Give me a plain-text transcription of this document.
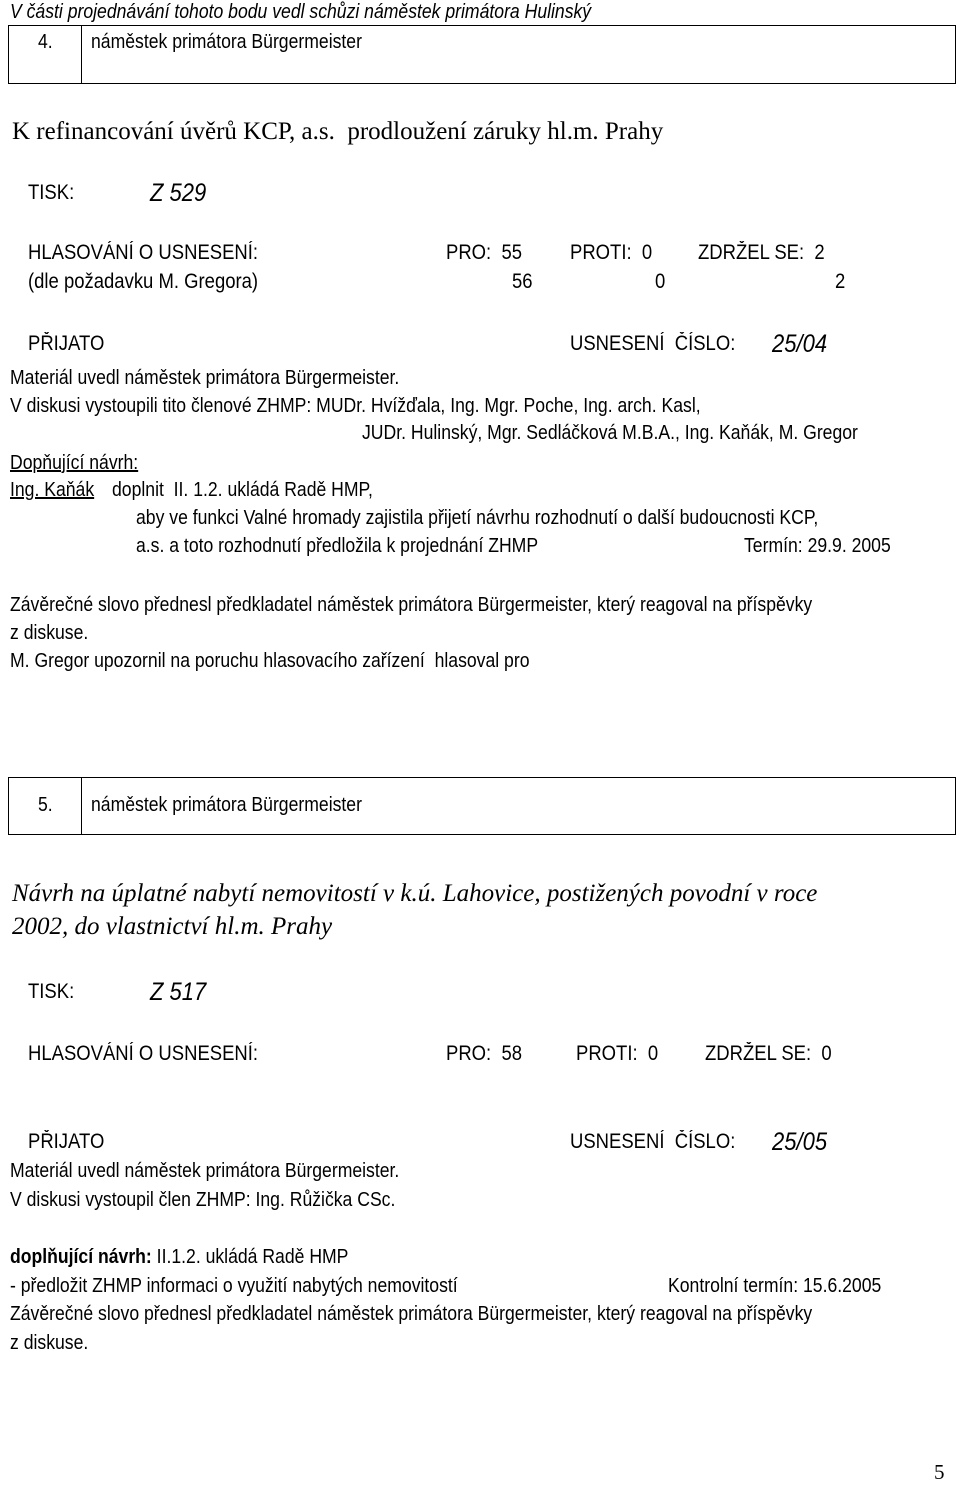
V části projednávání tohoto bodu vedl schůzi náměstek primátora Hulinský
4. náměstek primátora Bürgermeister
K refinancování úvěrů KCP, a.s.  prodloužení záruky hl.m. Prahy
TISK:	Z 529
HLASOVÁNÍ O USNESENÍ:	PRO:  55 PROTI:  0 ZDRŽEL SE:  2
(dle požadavku M. Gregora)	56	0	2
PŘIJATO	USNESENÍ  ČÍSLO: 25/04
Materiál uvedl náměstek primátora Bürgermeister.
V diskusi vystoupili tito členové ZHMP: MUDr. Hvížďala, Ing. Mgr. Poche, Ing. arch. Kasl,
JUDr. Hulinský, Mgr. Sedláčková M.B.A., Ing. Kaňák, M. Gregor
Dopňující návrh:
Ing. Kaňák doplnit  II. 1.2. ukládá Radě HMP,
aby ve funkci Valné hromady zajistila přijetí návrhu rozhodnutí o další budoucnosti KCP,
a.s. a toto rozhodnutí předložila k projednání ZHMP	Termín: 29.9. 2005
Závěrečné slovo přednesl předkladatel náměstek primátora Bürgermeister, který reagoval na příspěvky
z diskuse.
M. Gregor upozornil na poruchu hlasovacího zařízení  hlasoval pro
5. náměstek primátora Bürgermeister
Návrh na úplatné nabytí nemovitostí v k.ú. Lahovice, postižených povodní v roce
2002, do vlastnictví hl.m. Prahy
TISK:	Z 517
HLASOVÁNÍ O USNESENÍ:	PRO:  58	PROTI:  0 ZDRŽEL SE:  0
PŘIJATO	USNESENÍ  ČÍSLO: 25/05
Materiál uvedl náměstek primátora Bürgermeister.
V diskusi vystoupil člen ZHMP: Ing. Růžička CSc.
doplňující návrh: II.1.2. ukládá Radě HMP
- předložit ZHMP informaci o využití nabytých nemovitostí	Kontrolní termín: 15.6.2005
Závěrečné slovo přednesl předkladatel náměstek primátora Bürgermeister, který reagoval na příspěvky
z diskuse.
5
